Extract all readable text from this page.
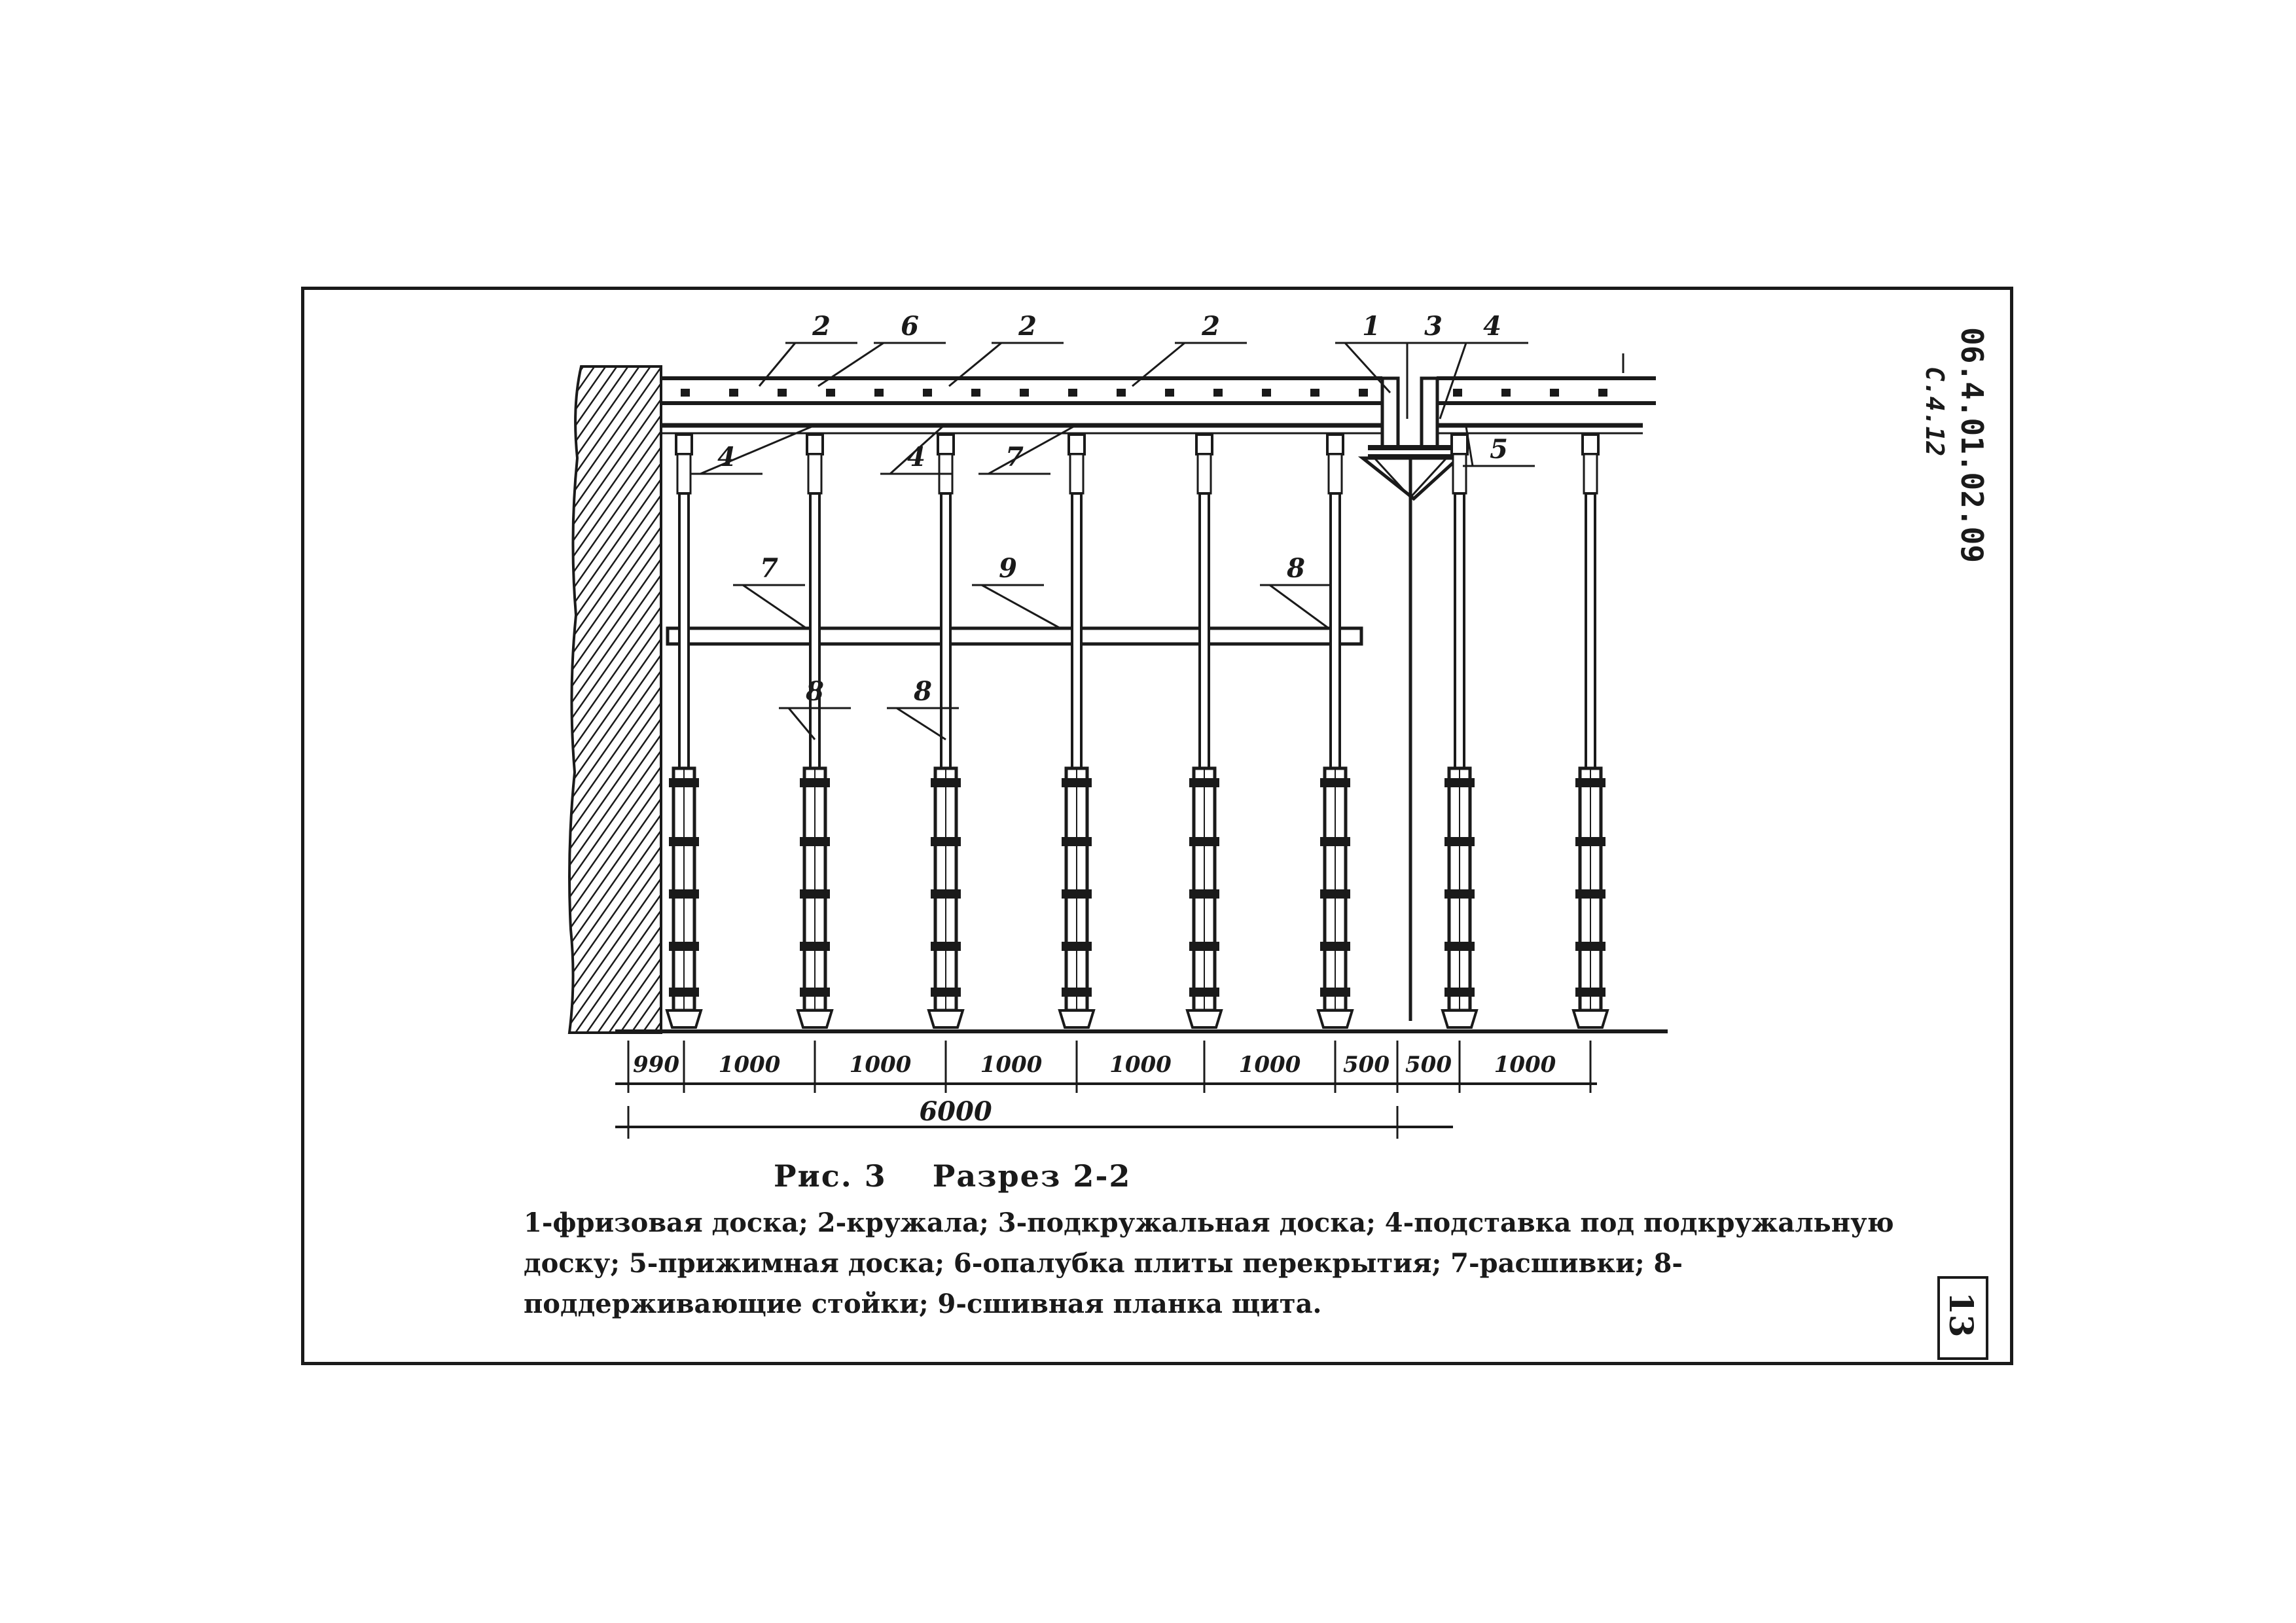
2	6	2	2	1 3 4
4	4	5
7
7	9	8
8	8
990 1000	1000	1000	1000	1000 500 500 1000
6000
Рис. 3 Разрез 2-2
1-фризовая доска; 2-кружала; 3-подкружальная доска; 4-подставка под подкружальную доску; 5-прижимная доска; 6-опалубка плиты перекрытия; 7-расшивки; 8-поддерживающие стойки; 9-сшивная планка щита.
06.4.01.02.09
С.4.12
13
